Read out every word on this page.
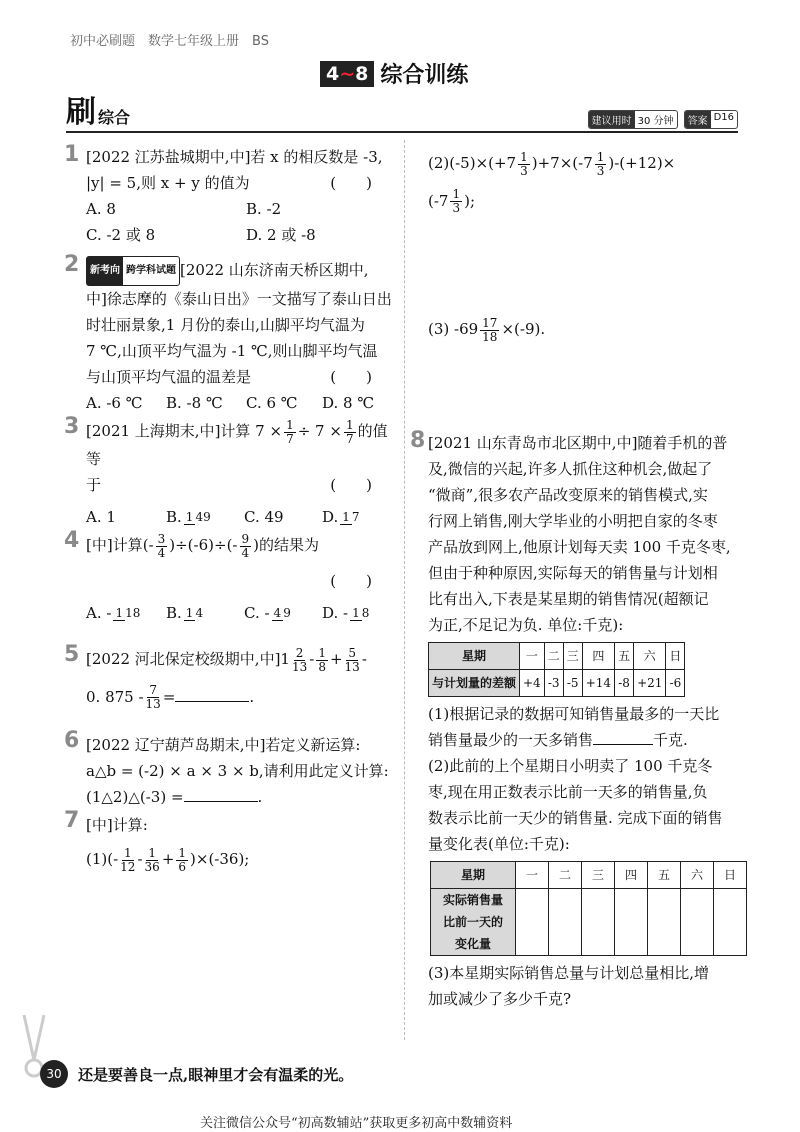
初中必刷题　数学七年级上册　BS
4~8 综合训练
刷 综合	建议用时 30 分钟	答案 D16
1 [2022 江苏盐城期中,中]若 x 的相反数是 -3,
|y| = 5,则 x + y 的值为	(　　)
A. 8	B. -2
C. -2 或 8	D. 2 或 -8
2	新考向 跨学科试题 [2022 山东济南天桥区期中,
中]徐志摩的《泰山日出》一文描写了泰山日出
时壮丽景象,1 月份的泰山,山脚平均气温为
7 ℃,山顶平均气温为 -1 ℃,则山脚平均气温
与山顶平均气温的温差是	(　　)
A. -6 ℃	B. -8 ℃	C. 6 ℃	D. 8 ℃
3 [2021 上海期末,中]计算 $7 \times \frac{1}{7} \div 7 \times \frac{1}{7}$ 的值等
于	(　　)
A. 1	B. 1 49	C. 49	D. 1 7
4 [中]计算(- $\frac{3}{4} )\div(-6)\div(- \frac{9}{4}$ )的结果为
(　　)

A. - 1 18	B. 1 4	C. - 4 9	D. - 1 8
5 [2022 河北保定校级期中,中]$1 \frac{2}{13} - \frac{1}{8} + \frac{5}{13}$ -
0. $875 - \frac{7}{13}$ =	.
6 [2022 辽宁葫芦岛期末,中]若定义新运算:
a△b = (-2) × a × 3 × b,请利用此定义计算:
(1△2)△(-3) =	.
7 [中]计算:
$(1)(- \frac{1}{12} - \frac{1}{36} + \frac{1}{6} )\times(-36)$;
$(2)(-5)\times(+7 \frac{1}{3} )+7\times(-7 \frac{1}{3} )-(+12)\times$
($-7 \frac{1}{3}$ );
(3) $-69 \frac{17}{18} \times(-9)$.
8 [2021 山东青岛市北区期中,中]随着手机的普
及,微信的兴起,许多人抓住这种机会,做起了
“微商”,很多农产品改变原来的销售模式,实
行网上销售,刚大学毕业的小明把自家的冬枣
产品放到网上,他原计划每天卖 100 千克冬枣,
但由于种种原因,实际每天的销售量与计划相
比有出入,下表是某星期的销售情况(超额记
为正,不足记为负. 单位:千克):
星期	一	二	三	四	五	六	日
与计划量的差额	+4	-3	-5	+14	-8	+21	-6
(1)根据记录的数据可知销售量最多的一天比
销售量最少的一天多销售	千克.
(2)此前的上个星期日小明卖了 100 千克冬
枣,现在用正数表示比前一天多的销售量,负
数表示比前一天少的销售量. 完成下面的销售
量变化表(单位:千克):
星期	一	二	三	四	五	六	日

实际销售量
比前一天的
变化量							

(3)本星期实际销售总量与计划总量相比,增
加或减少了多少千克?
30	还是要善良一点,眼神里才会有温柔的光。
关注微信公众号“初高数辅站”获取更多初高中数辅资料
